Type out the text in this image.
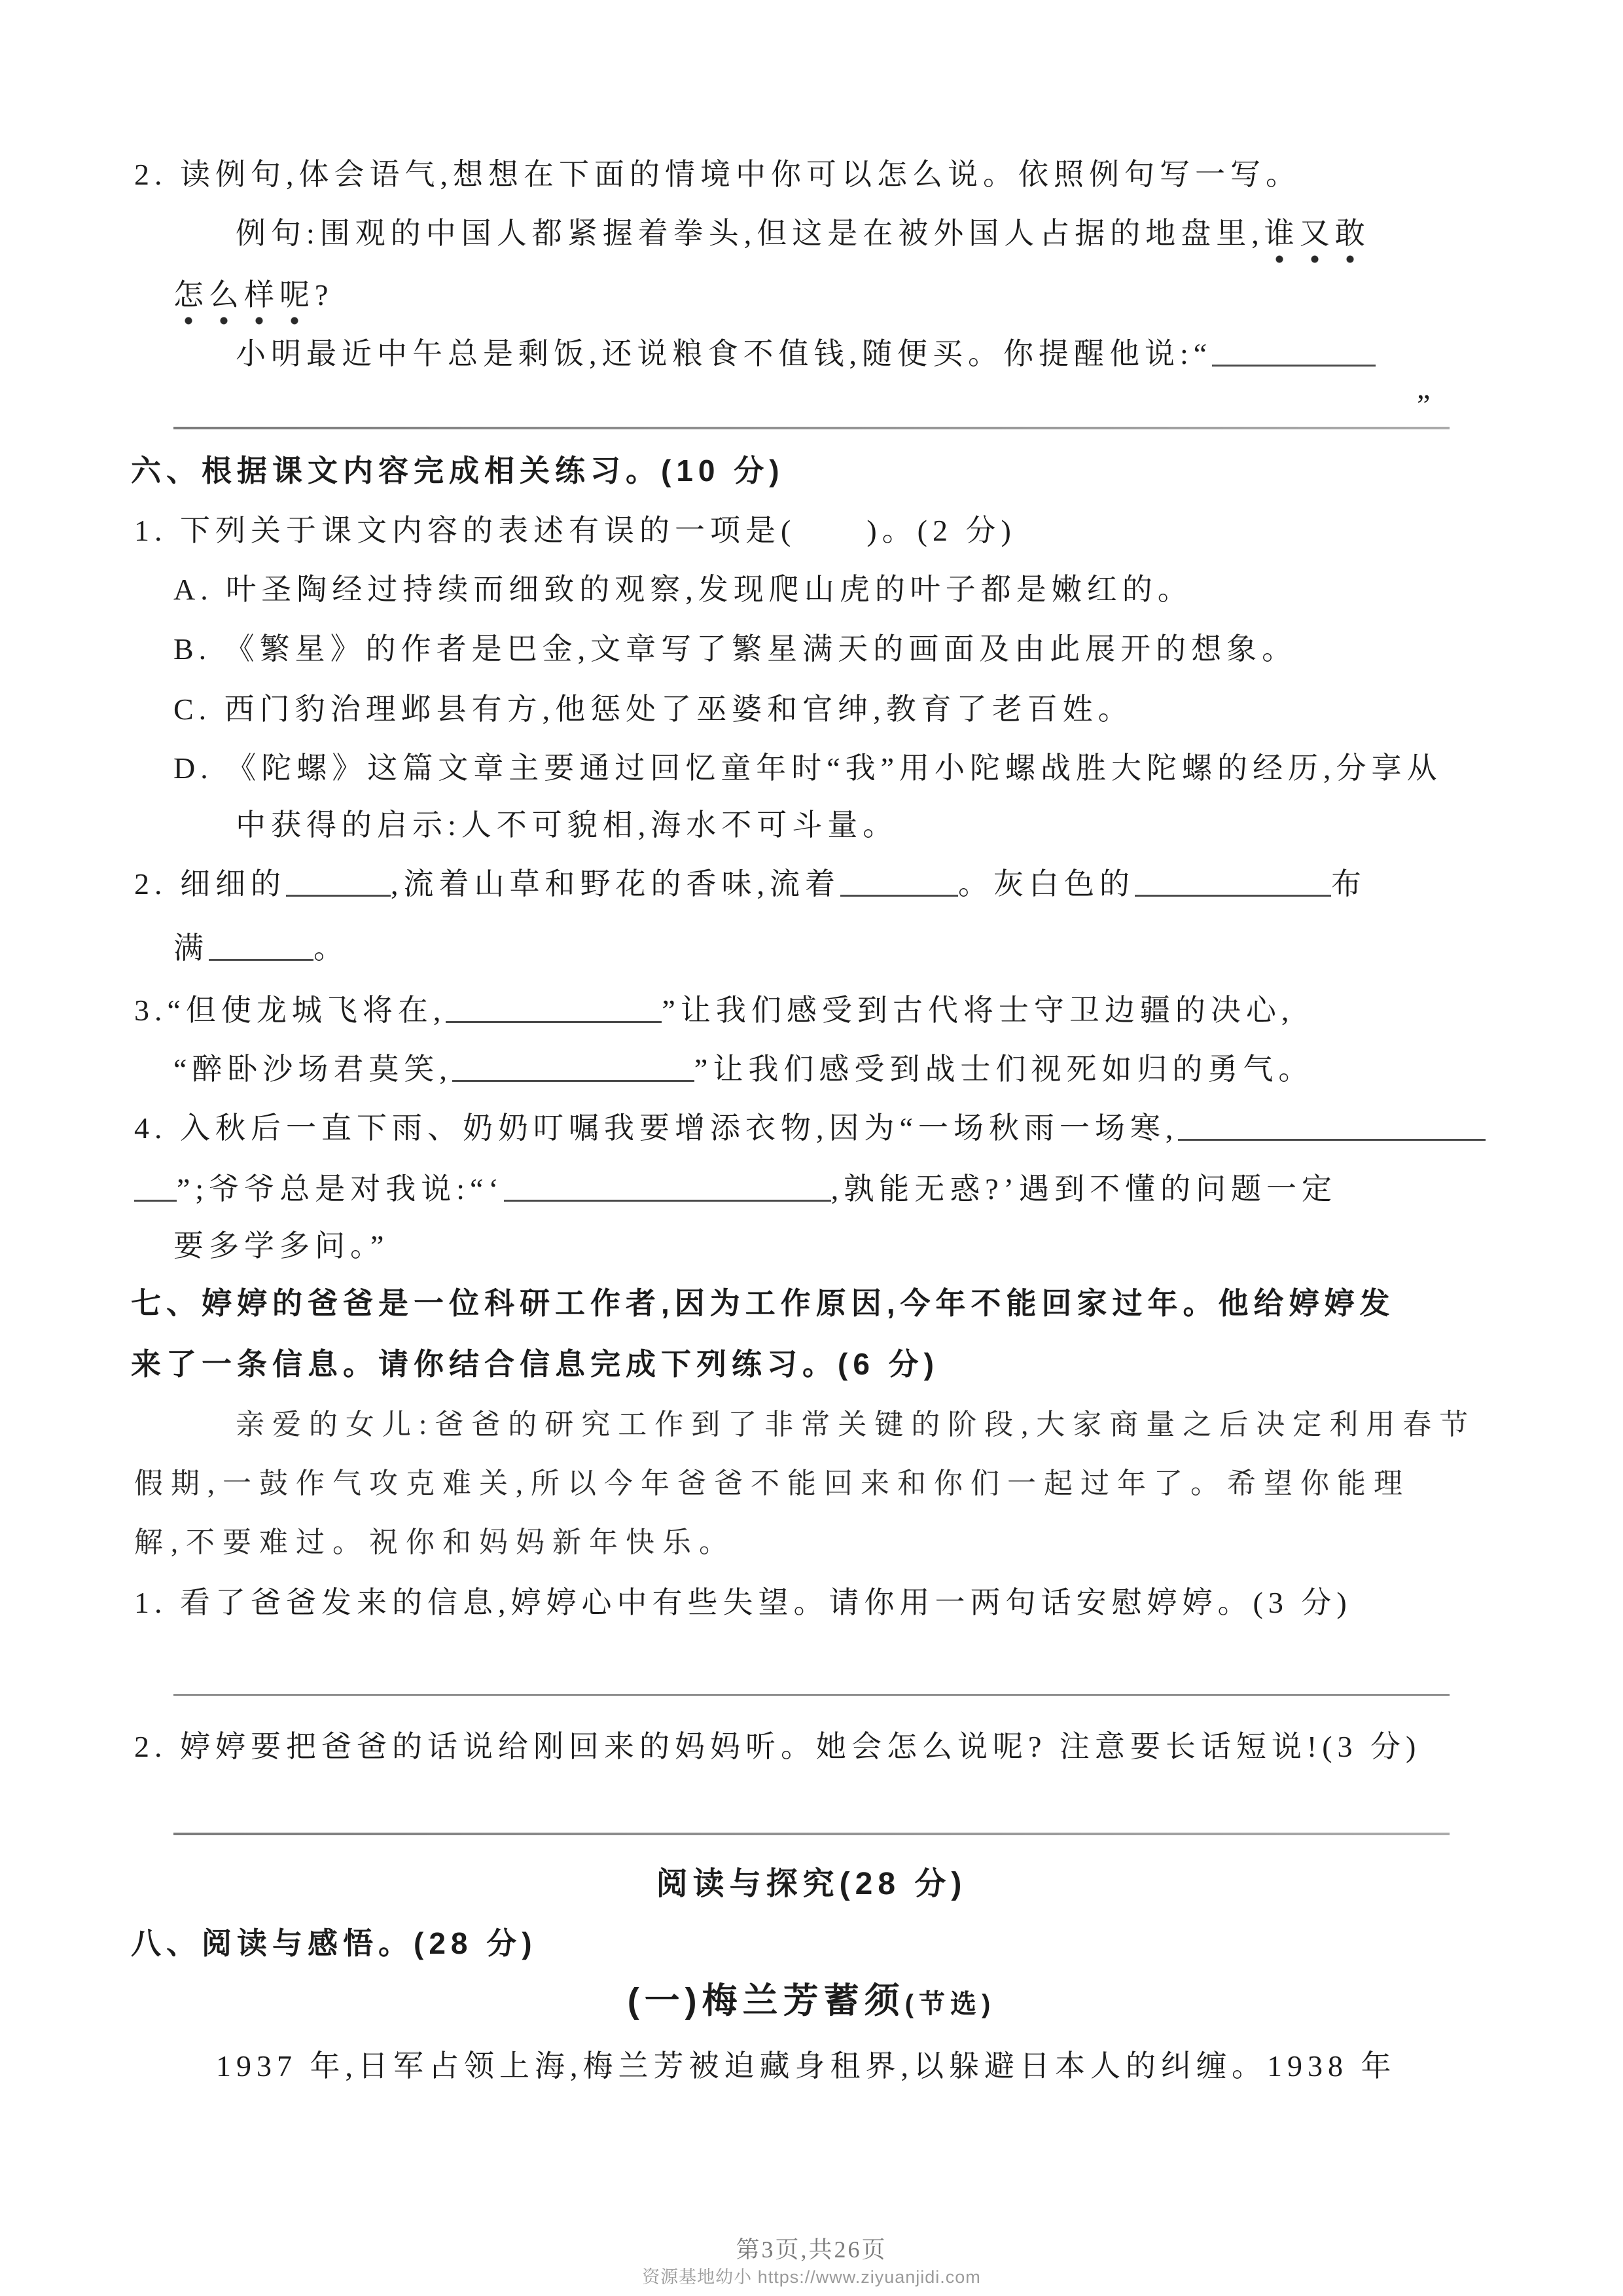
2. 读例句,体会语气,想想在下面的情境中你可以怎么说。依照例句写一写。
例句:围观的中国人都紧握着拳头,但这是在被外国人占据的地盘里,谁又敢
怎么样呢?
小明最近中午总是剩饭,还说粮食不值钱,随便买。你提醒他说:“
”
六、根据课文内容完成相关练习。(10 分)
1. 下列关于课文内容的表述有误的一项是(　　)。(2 分)
A. 叶圣陶经过持续而细致的观察,发现爬山虎的叶子都是嫩红的。
B. 《繁星》的作者是巴金,文章写了繁星满天的画面及由此展开的想象。
C. 西门豹治理邺县有方,他惩处了巫婆和官绅,教育了老百姓。
D. 《陀螺》这篇文章主要通过回忆童年时“我”用小陀螺战胜大陀螺的经历,分享从
中获得的启示:人不可貌相,海水不可斗量。
2. 细细的	,流着山草和野花的香味,流着	。灰白色的	布
满	。
3.“但使龙城飞将在,	”让我们感受到古代将士守卫边疆的决心,
“醉卧沙场君莫笑,	”让我们感受到战士们视死如归的勇气。
4. 入秋后一直下雨、奶奶叮嘱我要增添衣物,因为“一场秋雨一场寒,
”;爷爷总是对我说:“‘	,孰能无惑?’遇到不懂的问题一定
要多学多问。”
七、婷婷的爸爸是一位科研工作者,因为工作原因,今年不能回家过年。他给婷婷发
来了一条信息。请你结合信息完成下列练习。(6 分)
亲爱的女儿:爸爸的研究工作到了非常关键的阶段,大家商量之后决定利用春节
假期,一鼓作气攻克难关,所以今年爸爸不能回来和你们一起过年了。希望你能理
解,不要难过。祝你和妈妈新年快乐。
1. 看了爸爸发来的信息,婷婷心中有些失望。请你用一两句话安慰婷婷。(3 分)
2. 婷婷要把爸爸的话说给刚回来的妈妈听。她会怎么说呢? 注意要长话短说!(3 分)
阅读与探究(28 分)
八、阅读与感悟。(28 分)
(一)梅兰芳蓄须(节选)
1937 年,日军占领上海,梅兰芳被迫藏身租界,以躲避日本人的纠缠。1938 年
第3页,共26页
资源基地幼小 https://www.ziyuanjidi.com
